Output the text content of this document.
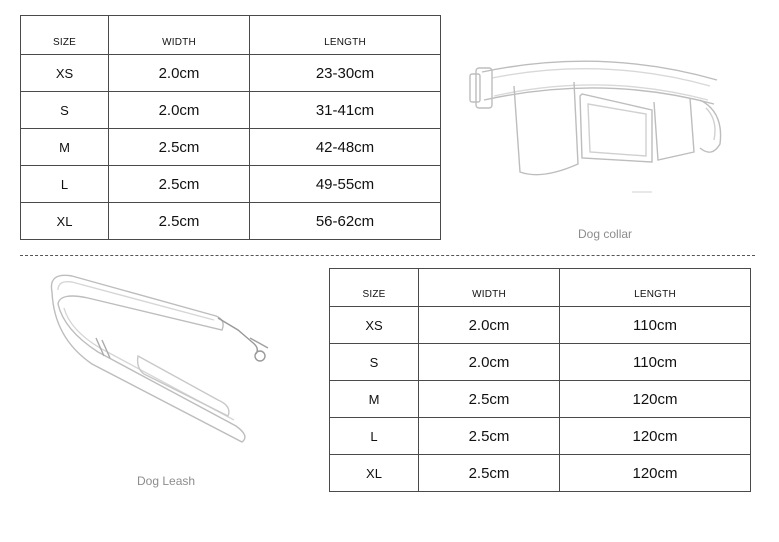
SIZE	WIDTH	LENGTH
XS	2.0cm	23-30cm
S	2.0cm	31-41cm
M	2.5cm	42-48cm
L	2.5cm	49-55cm
XL	2.5cm	56-62cm
Dog collar
Dog Leash
SIZE	WIDTH	LENGTH
XS	2.0cm	110cm
S	2.0cm	110cm
M	2.5cm	120cm
L	2.5cm	120cm
XL	2.5cm	120cm
